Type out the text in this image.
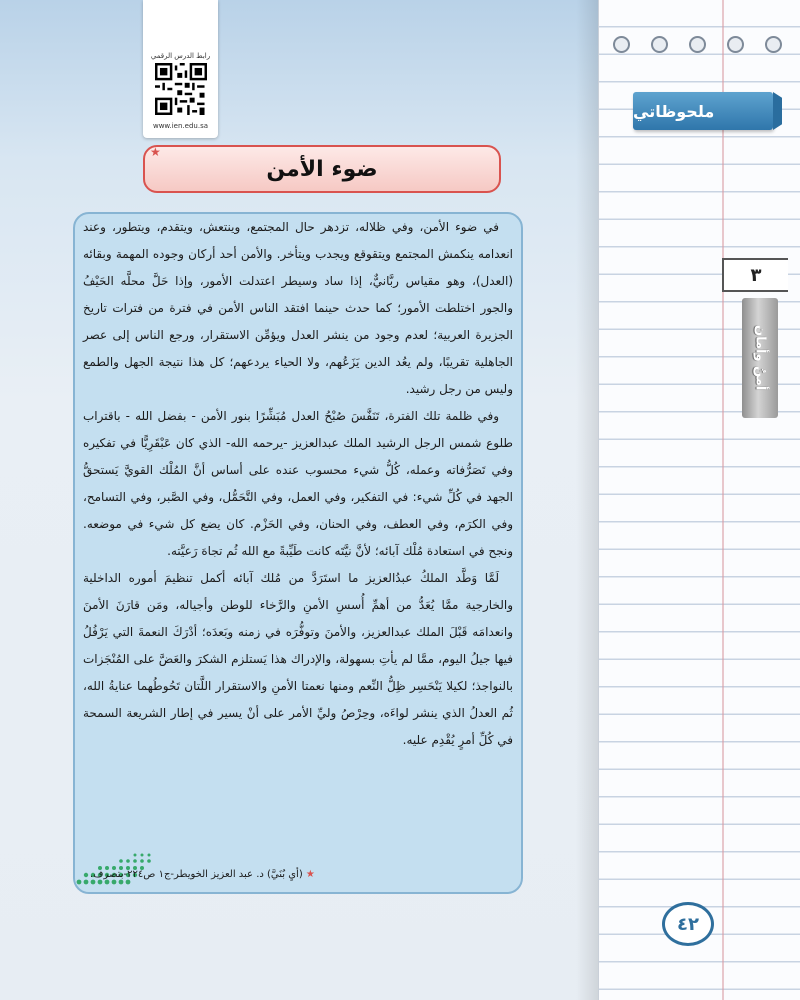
ملحوظاتي
٣
أمنُ وأمان
٤٢
رابط الدرس الرقمي
www.ien.edu.sa
ضوء الأمن
★

في ضوء الأمن، وفي ظلاله، تزدهر حال المجتمع، وينتعش، ويتقدم، ويتطور، وعند انعدامه ينكمش المجتمع ويتقوقع ويجدب ويتأخر. والأمن أحد أركان وجوده المهمة وبقائه (العدل)، وهو مقياس ربَّانيٌّ، إذا ساد وسيطر اعتدلت الأمور، وإذا حَلَّ محلَّه الحَيْفُ والجور اختلطت الأمور؛ كما حدث حينما افتقد الناس الأمن في فترة من فترات تاريخ الجزيرة العربية؛ لعدم وجود من ينشر العدل ويؤمِّن الاستقرار، ورجع الناس إلى عصر الجاهلية تقريبًا، ولم يعُد الدين يَزَعُهم، ولا الحياء يردعهم؛ كل هذا نتيجة الجهل والطمع وليس من رجل رشيد.

وفي ظلمة تلك الفترة، تَنَفَّسَ صُبْحُ العدل مُبَشِّرًا بنور الأمن - بفضل الله - باقتراب طلوع شمس الرجل الرشيد الملك عبدالعزيز -يرحمه الله- الذي كان عَبْقَرِيًّا في تفكيره وفي تَصَرُّفاته وعمله، كُلُّ شيء محسوب عنده على أساس أنَّ المُلْك القويَّ يَستحقُّ الجهد في كُلِّ شيء: في التفكير، وفي العمل، وفي التَّحَمُّل، وفي الصَّبر، وفي التسامح، وفي الكرَم، وفي العطف، وفي الحنان، وفي الحَزْم. كان يضع كل شيء في موضعه. ونجح في استعادة مُلْك آبائه؛ لأنَّ نيَّتَه كانت طَيِّبةً مع الله ثُم تجاهَ رَعيَّته.

لَمَّا وَطَّد الملكُ عبدُالعزيز ما استَرَدَّ من مُلك آبائه أكمل تنظيمَ أموره الداخلية والخارجية ممَّا يُعَدُّ من أهمِّ أُسسِ الأمنِ والرَّخاء للوطن وأجياله، ومَن قارَنَ الأمنَ وانعدامَه قَبْلَ الملك عبدالعزيز، والأمنَ وتوفُّرَه في زمنه وبَعدَه؛ أدْرَكَ النعمةَ التي يَرْفُلُ فيها جيلُ اليوم، ممَّا لم يأتِ بسهولة، والإدراك هذا يَستلزم الشكرَ والعَضَّ على المُنْجَزات بالنواجذ؛ لكيلا يَنْحَسِر ظِلُّ النِّعم ومنها نعمتا الأمنِ والاستقرار اللَّتان تَحُوطُهما عنايةُ الله، ثُم العدلُ الذي ينشر لواءَه، وحِرْصُ وليِّ الأمر على أنْ يسير في إطار الشريعة السمحة في كُلِّ أمرٍ يُقْدِم عليه.

★ (أيِ بُنَيَّ) د. عبد العزيز الخويطر-ج١ ص٢٢٤-بتصرف.
